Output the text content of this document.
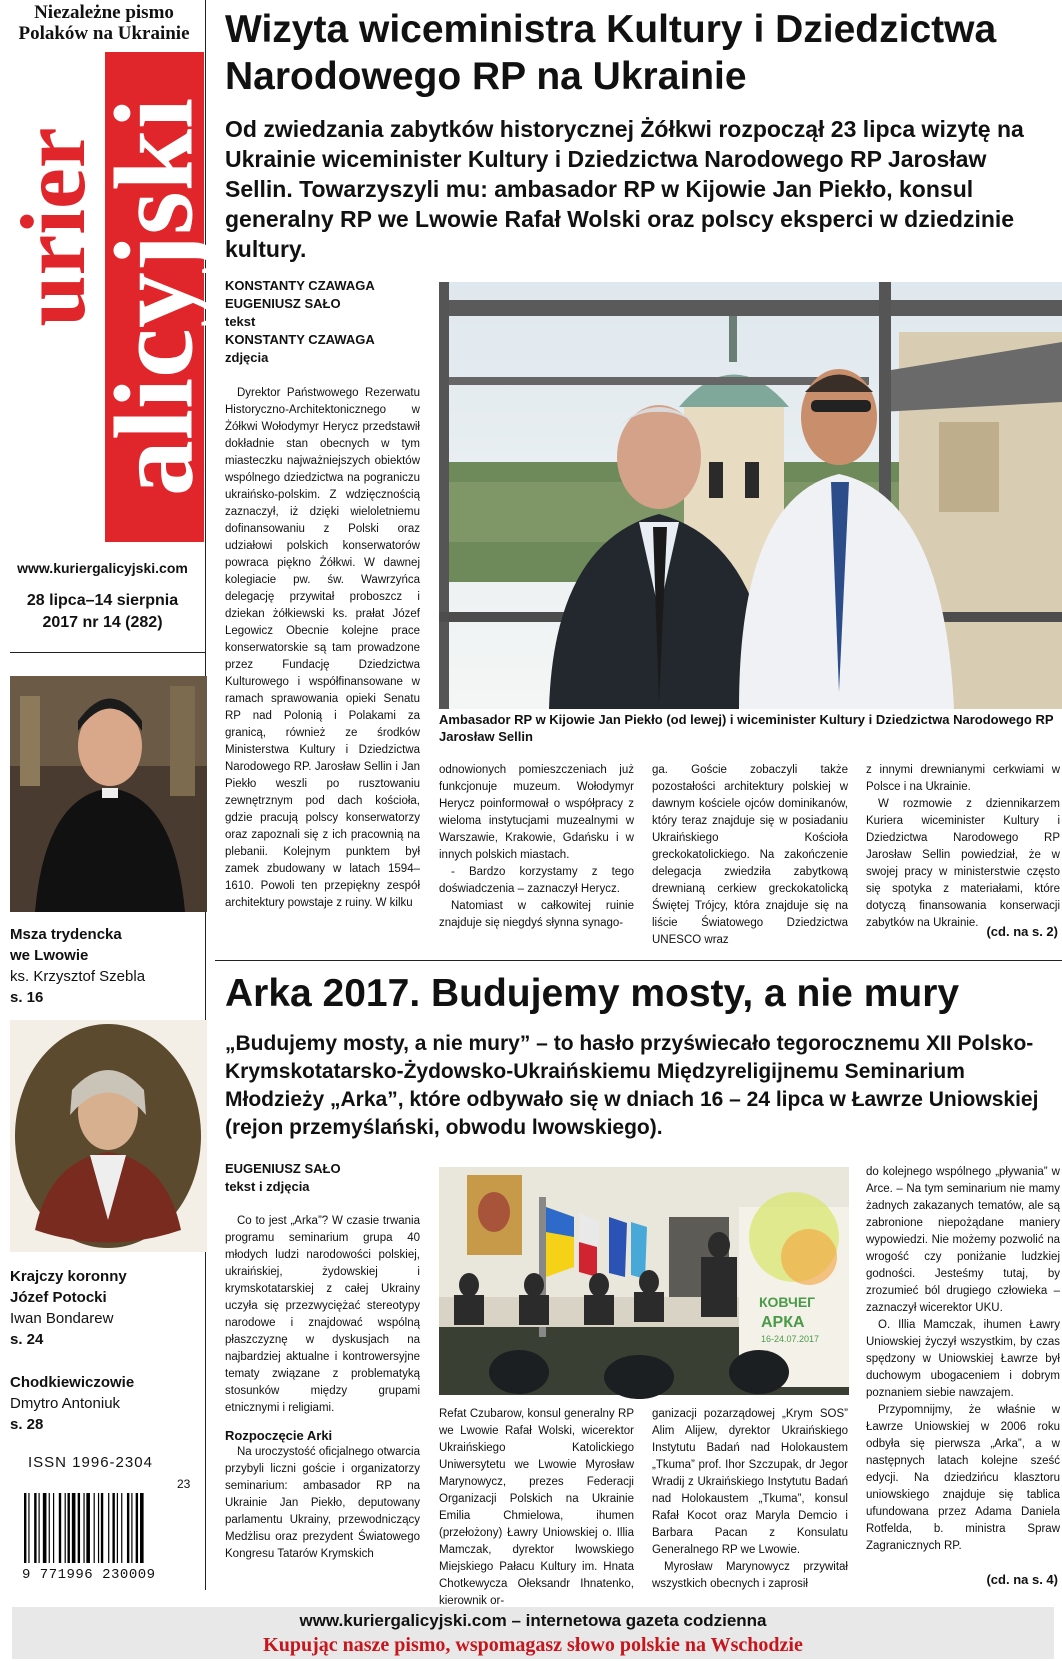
Niezależne pismo Polaków na Ukrainie
urier
alicyjski
www.kuriergalicyjski.com
28 lipca–14 sierpnia
2017 nr 14 (282)
Msza trydencka
we Lwowie
ks. Krzysztof Szebla
s. 16
Krajczy koronny
Józef Potocki
Iwan Bondarew
s. 24
Chodkiewiczowie
Dmytro Antoniuk
s. 28
ISSN 1996-2304
23
9 771996 230009
Wizyta wiceministra Kultury i Dziedzictwa Narodowego RP na Ukrainie
Od zwiedzania zabytków historycznej Żółkwi rozpoczął 23 lipca wizytę na Ukrainie wiceminister Kultury i Dziedzictwa Narodowego RP Jarosław Sellin. Towarzyszyli mu: ambasador RP w Kijowie Jan Piekło, konsul generalny RP we Lwowie Rafał Wolski oraz polscy eksperci w dziedzinie kultury.
KONSTANTY CZAWAGA
EUGENIUSZ SAŁO
tekst
KONSTANTY CZAWAGA
zdjęcia
Ambasador RP w Kijowie Jan Piekło (od lewej) i wiceminister Kultury i Dziedzictwa Narodowego RP Jarosław Sellin

Dyrektor Państwowego Rezerwatu Historyczno-Architektonicznego w Żółkwi Wołodymyr Herycz przedstawił dokładnie stan obecnych w tym miasteczku najważniejszych obiektów wspólnego dziedzictwa na pograniczu ukraińsko-polskim. Z wdzięcznością zaznaczył, iż dzięki wieloletniemu dofinansowaniu z Polski oraz udziałowi polskich konserwatorów powraca piękno Żółkwi. W dawnej kolegiacie pw. św. Wawrzyńca delegację przywitał proboszcz i dziekan żółkiewski ks. prałat Józef Legowicz Obecnie kolejne prace konserwatorskie są tam prowadzone przez Fundację Dziedzictwa Kulturowego i współfinansowane w ramach sprawowania opieki Senatu RP nad Polonią i Polakami za granicą, również ze środków Ministerstwa Kultury i Dziedzictwa Narodowego RP. Jarosław Sellin i Jan Piekło weszli po rusztowaniu zewnętrznym pod dach kościoła, gdzie pracują polscy konserwatorzy oraz zapoznali się z ich pracownią na plebanii. Kolejnym punktem był zamek zbudowany w latach 1594–1610. Powoli ten przepiękny zespół architektury powstaje z ruiny. W kilku

odnowionych pomieszczeniach już funkcjonuje muzeum. Wołodymyr Herycz poinformował o współpracy z wieloma instytucjami muzealnymi w Warszawie, Krakowie, Gdańsku i w innych polskich miastach.

- Bardzo korzystamy z tego doświadczenia – zaznaczył Herycz.

Natomiast w całkowitej ruinie znajduje się niegdyś słynna synago-

ga. Goście zobaczyli także pozostałości architektury polskiej w dawnym kościele ojców dominikanów, który teraz znajduje się w posiadaniu Ukraińskiego Kościoła greckokatolickiego. Na zakończenie delegacja zwiedziła zabytkową drewnianą cerkiew greckokatolicką Świętej Trójcy, która znajduje się na liście Światowego Dziedzictwa UNESCO wraz

z innymi drewnianymi cerkwiami w Polsce i na Ukrainie.

W rozmowie z dziennikarzem Kuriera wiceminister Kultury i Dziedzictwa Narodowego RP Jarosław Sellin powiedział, że w swojej pracy w ministerstwie często się spotyka z materiałami, które dotyczą finansowania konserwacji zabytków na Ukrainie.

(cd. na s. 2)
Arka 2017. Budujemy mosty, a nie mury
„Budujemy mosty, a nie mury” – to hasło przyświecało tegorocznemu XII Polsko-Krymskotatarsko-Żydowsko-Ukraińskiemu Międzyreligijnemu Seminarium Młodzieży „Arka”, które odbywało się w dniach 16 – 24 lipca w Ławrze Uniowskiej (rejon przemyślański, obwodu lwowskiego).
EUGENIUSZ SAŁO
tekst i zdjęcia

Co to jest „Arka”? W czasie trwania programu seminarium grupa 40 młodych ludzi narodowości polskiej, ukraińskiej, żydowskiej i krymskotatarskiej z całej Ukrainy uczyła się przezwyciężać stereotypy narodowe i znajdować wspólną płaszczyznę w dyskusjach na najbardziej aktualne i kontrowersyjne tematy związane z problematyką stosunków między grupami etnicznymi i religiami.

Rozpoczęcie Arki

Na uroczystość oficjalnego otwarcia przybyli liczni goście i organizatorzy seminarium: ambasador RP na Ukrainie Jan Piekło, deputowany parlamentu Ukrainy, przewodniczący Medżlisu oraz prezydent Światowego Kongresu Tatarów Krymskich

КОВЧЕГ
АРКА
16-24.07.2017

Refat Czubarow, konsul generalny RP we Lwowie Rafał Wolski, wicerektor Ukraińskiego Katolickiego Uniwersytetu we Lwowie Myrosław Marynowycz, prezes Federacji Organizacji Polskich na Ukrainie Emilia Chmielowa, ihumen (przełożony) Ławry Uniowskiej o. Illia Mamczak, dyrektor lwowskiego Miejskiego Pałacu Kultury im. Hnata Chotkewycza Ołeksandr Ihnatenko, kierownik or-

ganizacji pozarządowej „Krym SOS” Alim Alijew, dyrektor Ukraińskiego Instytutu Badań nad Holokaustem „Tkuma” prof. Ihor Szczupak, dr Jegor Wradij z Ukraińskiego Instytutu Badań nad Holokaustem „Tkuma”, konsul Rafał Kocot oraz Maryla Demcio i Barbara Pacan z Konsulatu Generalnego RP we Lwowie.

Myrosław Marynowycz przywitał wszystkich obecnych i zaprosił

do kolejnego wspólnego „pływania” w Arce. – Na tym seminarium nie mamy żadnych zakazanych tematów, ale są zabronione niepożądane maniery wypowiedzi. Nie możemy pozwolić na wrogość czy poniżanie ludzkiej godności. Jesteśmy tutaj, by zrozumieć ból drugiego człowieka – zaznaczył wicerektor UKU.

O. Illia Mamczak, ihumen Ławry Uniowskiej życzył wszystkim, by czas spędzony w Uniowskiej Ławrze był duchowym ubogaceniem i dobrym poznaniem siebie nawzajem.

Przypomnijmy, że właśnie w Ławrze Uniowskiej w 2006 roku odbyła się pierwsza „Arka”, a w następnych latach kolejne sześć edycji. Na dziedzińcu klasztoru uniowskiego znajduje się tablica ufundowana przez Adama Daniela Rotfelda, b. ministra Spraw Zagranicznych RP.

(cd. na s. 4)
www.kuriergalicyjski.com – internetowa gazeta codzienna
Kupując nasze pismo, wspomagasz słowo polskie na Wschodzie
